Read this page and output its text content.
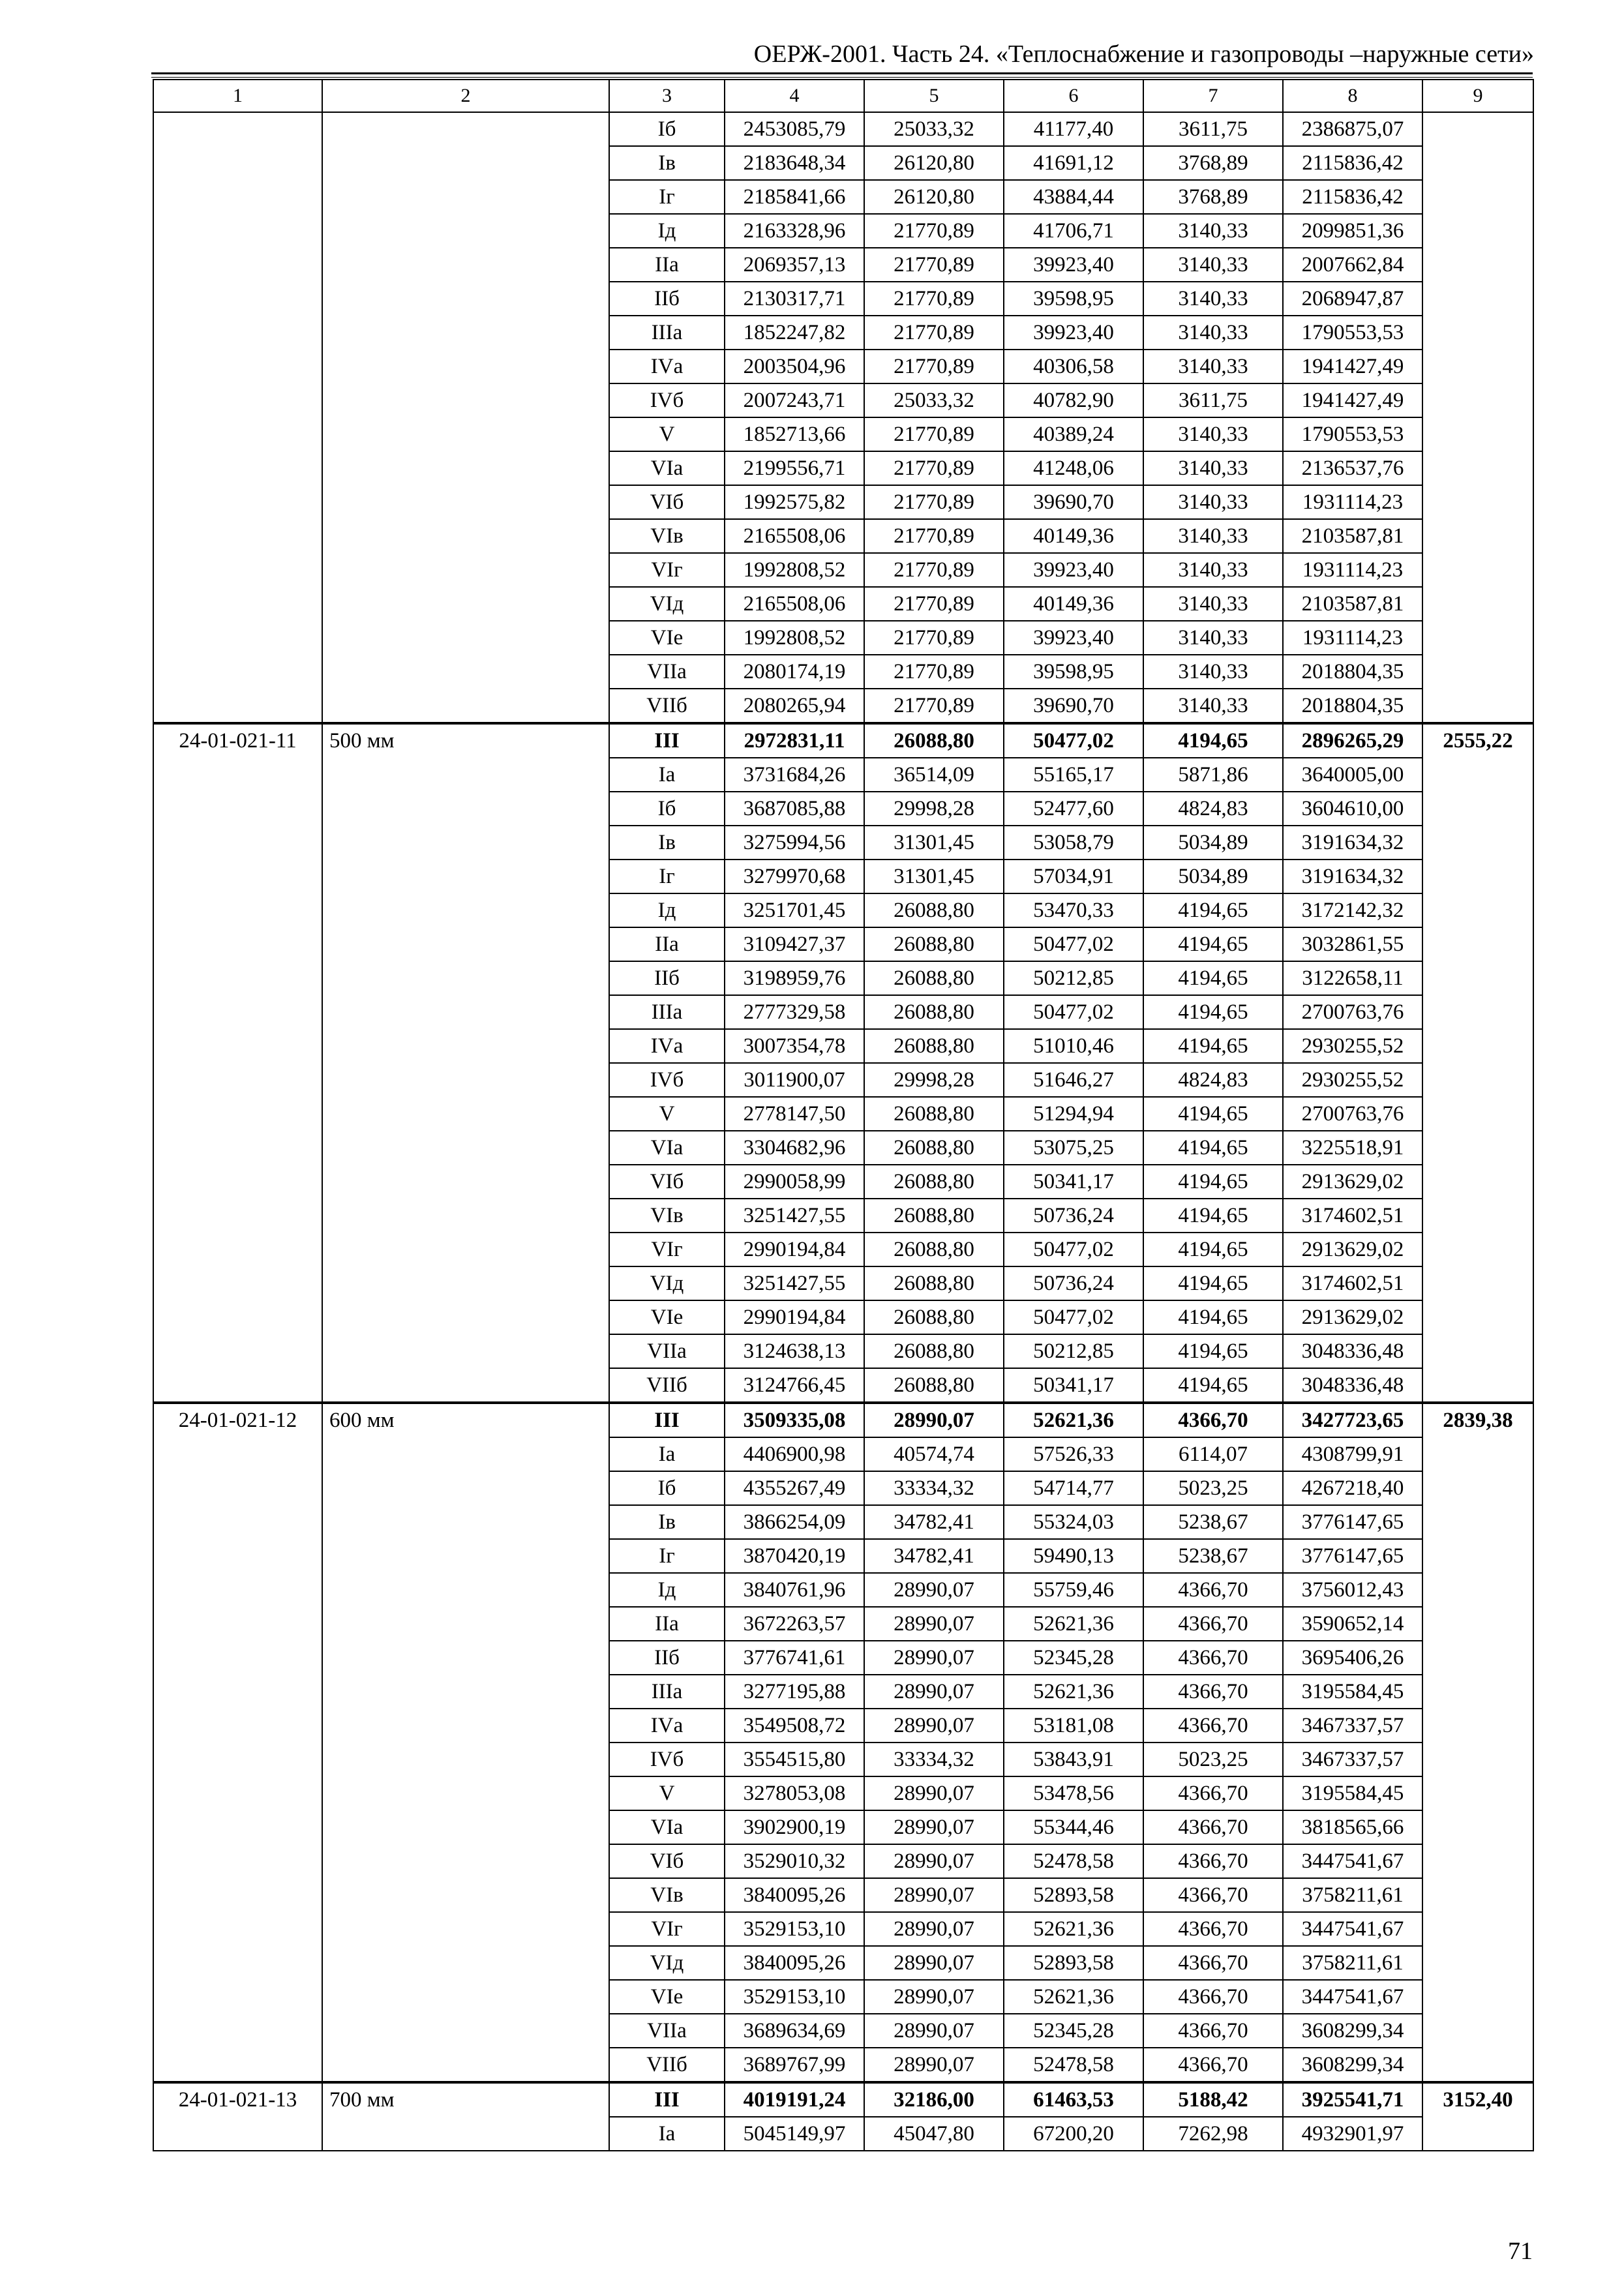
ОЕРЖ-2001. Часть 24. «Теплоснабжение и газопроводы –наружные сети»
1	2	3	4	5	6	7	8	9
		Iб	2453085,79	25033,32	41177,40	3611,75	2386875,07	
		Iв	2183648,34	26120,80	41691,12	3768,89	2115836,42	
		Iг	2185841,66	26120,80	43884,44	3768,89	2115836,42	
		Iд	2163328,96	21770,89	41706,71	3140,33	2099851,36	
		IIа	2069357,13	21770,89	39923,40	3140,33	2007662,84	
		IIб	2130317,71	21770,89	39598,95	3140,33	2068947,87	
		IIIа	1852247,82	21770,89	39923,40	3140,33	1790553,53	
		IVа	2003504,96	21770,89	40306,58	3140,33	1941427,49	
		IVб	2007243,71	25033,32	40782,90	3611,75	1941427,49	
		V	1852713,66	21770,89	40389,24	3140,33	1790553,53	
		VIа	2199556,71	21770,89	41248,06	3140,33	2136537,76	
		VIб	1992575,82	21770,89	39690,70	3140,33	1931114,23	
		VIв	2165508,06	21770,89	40149,36	3140,33	2103587,81	
		VIг	1992808,52	21770,89	39923,40	3140,33	1931114,23	
		VIд	2165508,06	21770,89	40149,36	3140,33	2103587,81	
		VIе	1992808,52	21770,89	39923,40	3140,33	1931114,23	
		VIIа	2080174,19	21770,89	39598,95	3140,33	2018804,35	
		VIIб	2080265,94	21770,89	39690,70	3140,33	2018804,35	
24-01-021-11	500 мм	III	2972831,11	26088,80	50477,02	4194,65	2896265,29	2555,22
		Iа	3731684,26	36514,09	55165,17	5871,86	3640005,00	
		Iб	3687085,88	29998,28	52477,60	4824,83	3604610,00	
		Iв	3275994,56	31301,45	53058,79	5034,89	3191634,32	
		Iг	3279970,68	31301,45	57034,91	5034,89	3191634,32	
		Iд	3251701,45	26088,80	53470,33	4194,65	3172142,32	
		IIа	3109427,37	26088,80	50477,02	4194,65	3032861,55	
		IIб	3198959,76	26088,80	50212,85	4194,65	3122658,11	
		IIIа	2777329,58	26088,80	50477,02	4194,65	2700763,76	
		IVа	3007354,78	26088,80	51010,46	4194,65	2930255,52	
		IVб	3011900,07	29998,28	51646,27	4824,83	2930255,52	
		V	2778147,50	26088,80	51294,94	4194,65	2700763,76	
		VIа	3304682,96	26088,80	53075,25	4194,65	3225518,91	
		VIб	2990058,99	26088,80	50341,17	4194,65	2913629,02	
		VIв	3251427,55	26088,80	50736,24	4194,65	3174602,51	
		VIг	2990194,84	26088,80	50477,02	4194,65	2913629,02	
		VIд	3251427,55	26088,80	50736,24	4194,65	3174602,51	
		VIе	2990194,84	26088,80	50477,02	4194,65	2913629,02	
		VIIа	3124638,13	26088,80	50212,85	4194,65	3048336,48	
		VIIб	3124766,45	26088,80	50341,17	4194,65	3048336,48	
24-01-021-12	600 мм	III	3509335,08	28990,07	52621,36	4366,70	3427723,65	2839,38
		Iа	4406900,98	40574,74	57526,33	6114,07	4308799,91	
		Iб	4355267,49	33334,32	54714,77	5023,25	4267218,40	
		Iв	3866254,09	34782,41	55324,03	5238,67	3776147,65	
		Iг	3870420,19	34782,41	59490,13	5238,67	3776147,65	
		Iд	3840761,96	28990,07	55759,46	4366,70	3756012,43	
		IIа	3672263,57	28990,07	52621,36	4366,70	3590652,14	
		IIб	3776741,61	28990,07	52345,28	4366,70	3695406,26	
		IIIа	3277195,88	28990,07	52621,36	4366,70	3195584,45	
		IVа	3549508,72	28990,07	53181,08	4366,70	3467337,57	
		IVб	3554515,80	33334,32	53843,91	5023,25	3467337,57	
		V	3278053,08	28990,07	53478,56	4366,70	3195584,45	
		VIа	3902900,19	28990,07	55344,46	4366,70	3818565,66	
		VIб	3529010,32	28990,07	52478,58	4366,70	3447541,67	
		VIв	3840095,26	28990,07	52893,58	4366,70	3758211,61	
		VIг	3529153,10	28990,07	52621,36	4366,70	3447541,67	
		VIд	3840095,26	28990,07	52893,58	4366,70	3758211,61	
		VIе	3529153,10	28990,07	52621,36	4366,70	3447541,67	
		VIIа	3689634,69	28990,07	52345,28	4366,70	3608299,34	
		VIIб	3689767,99	28990,07	52478,58	4366,70	3608299,34	
24-01-021-13	700 мм	III	4019191,24	32186,00	61463,53	5188,42	3925541,71	3152,40
		Iа	5045149,97	45047,80	67200,20	7262,98	4932901,97	
71
